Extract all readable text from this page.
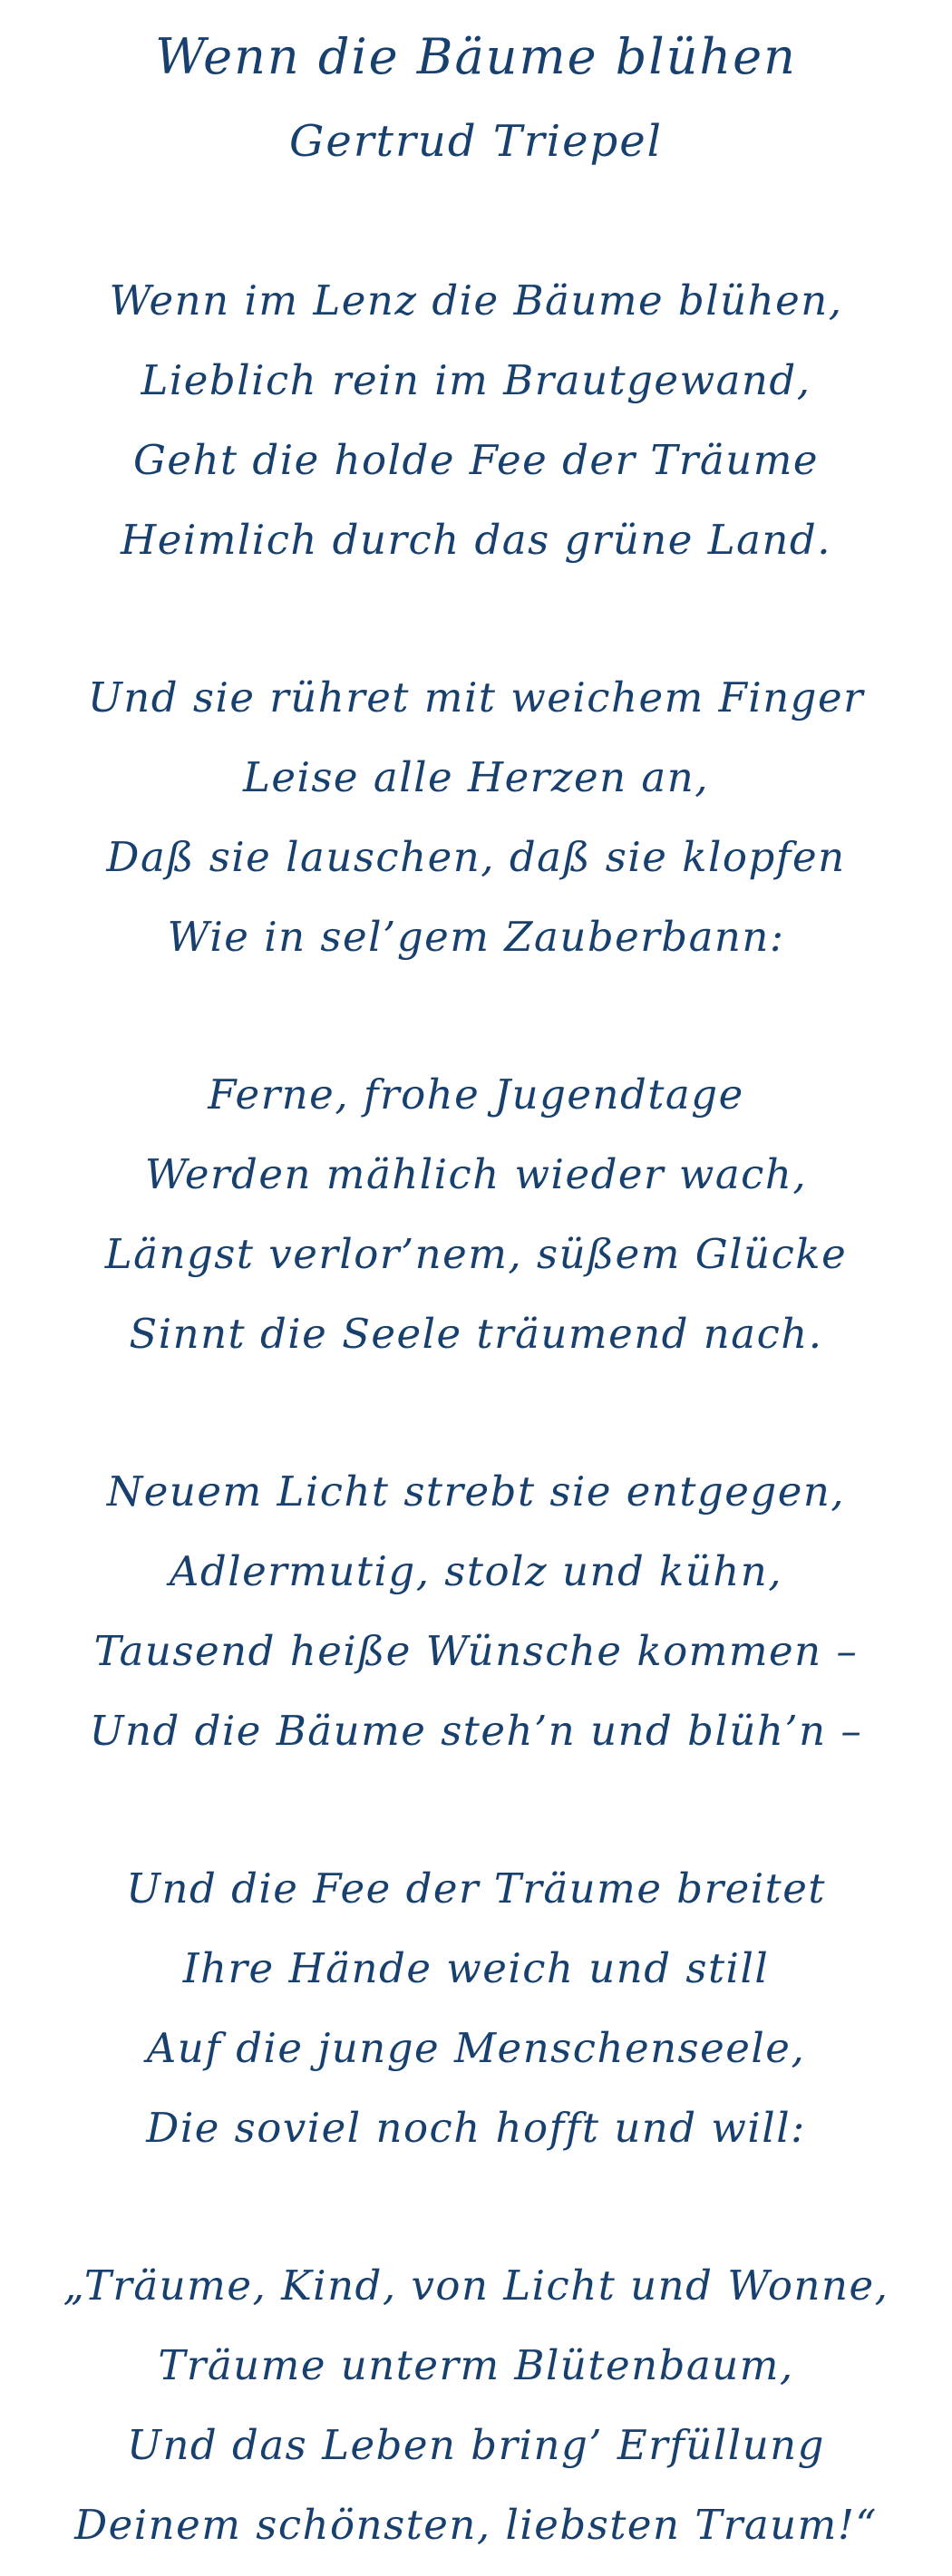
Wenn die Bäume blühen
Gertrud Triepel

Wenn im Lenz die Bäume blühen,

Lieblich rein im Brautgewand,

Geht die holde Fee der Träume

Heimlich durch das grüne Land.

Und sie rühret mit weichem Finger

Leise alle Herzen an,

Daß sie lauschen, daß sie klopfen

Wie in sel’gem Zauberbann:

Ferne, frohe Jugendtage

Werden mählich wieder wach,

Längst verlor’nem, süßem Glücke

Sinnt die Seele träumend nach.

Neuem Licht strebt sie entgegen,

Adlermutig, stolz und kühn,

Tausend heiße Wünsche kommen –

Und die Bäume steh’n und blüh’n –

Und die Fee der Träume breitet

Ihre Hände weich und still

Auf die junge Menschenseele,

Die soviel noch hofft und will:

„Träume, Kind, von Licht und Wonne,

Träume unterm Blütenbaum,

Und das Leben bring’ Erfüllung

Deinem schönsten, liebsten Traum!“
